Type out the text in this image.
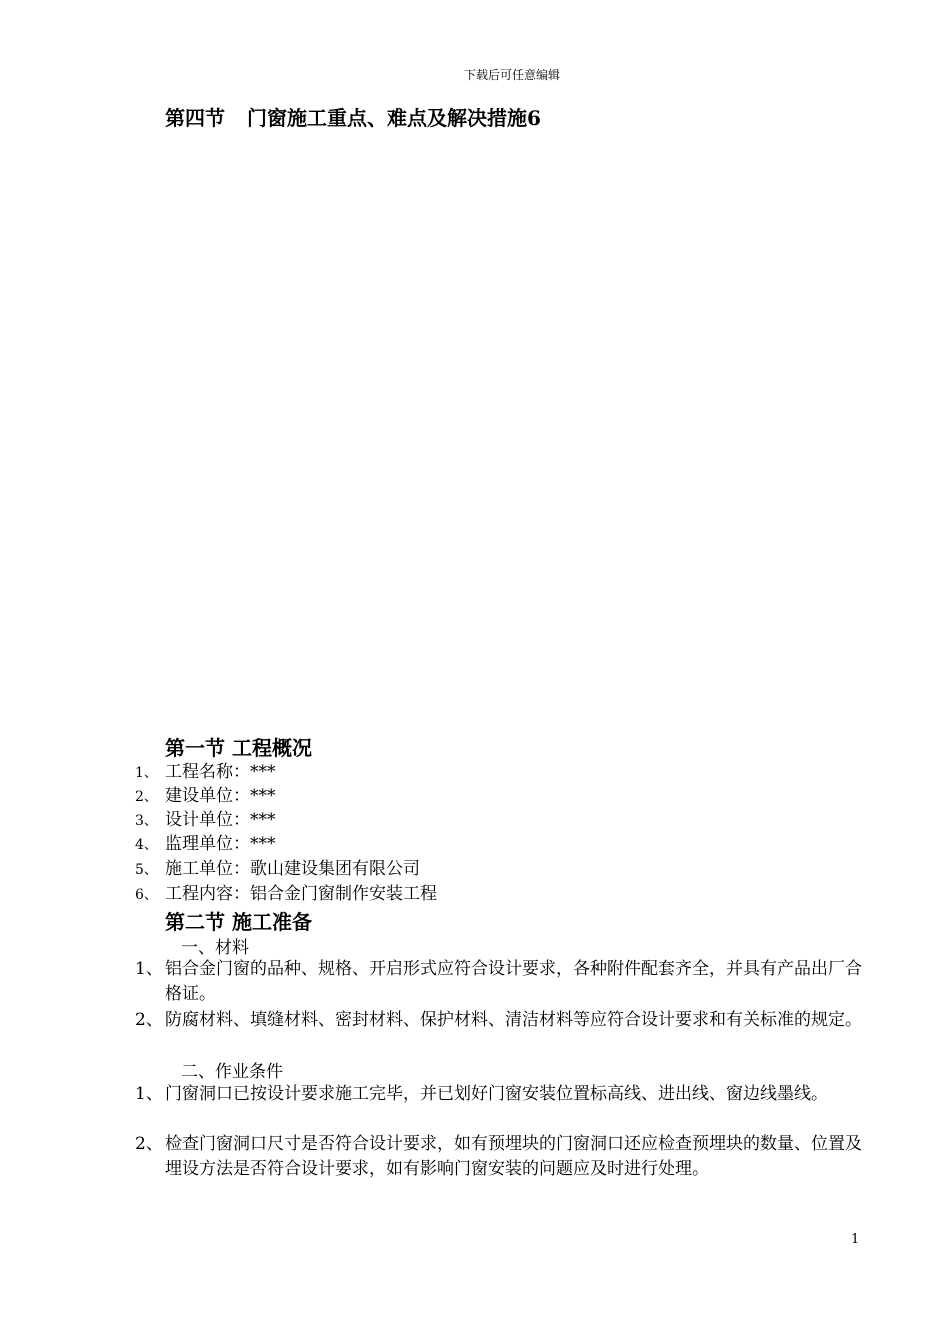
下载后可任意编辑
第四节 门窗施工重点、难点及解决措施6
第一节 工程概况
1、 工程名称：***
2、 建设单位：***
3、 设计单位：***
4、 监理单位：***
5、 施工单位：歌山建设集团有限公司
6、 工程内容：铝合金门窗制作安装工程
第二节 施工准备
一、材料
1、 铝合金门窗的品种、规格、开启形式应符合设计要求，各种附件配套齐全，并具有产品出厂合格证。
2、 防腐材料、填缝材料、密封材料、保护材料、清洁材料等应符合设计要求和有关标准的规定。
二、作业条件
1、 门窗洞口已按设计要求施工完毕，并已划好门窗安装位置标高线、进出线、窗边线墨线。
2、 检查门窗洞口尺寸是否符合设计要求，如有预埋块的门窗洞口还应检查预埋块的数量、位置及埋设方法是否符合设计要求，如有影响门窗安装的问题应及时进行处理。
1
